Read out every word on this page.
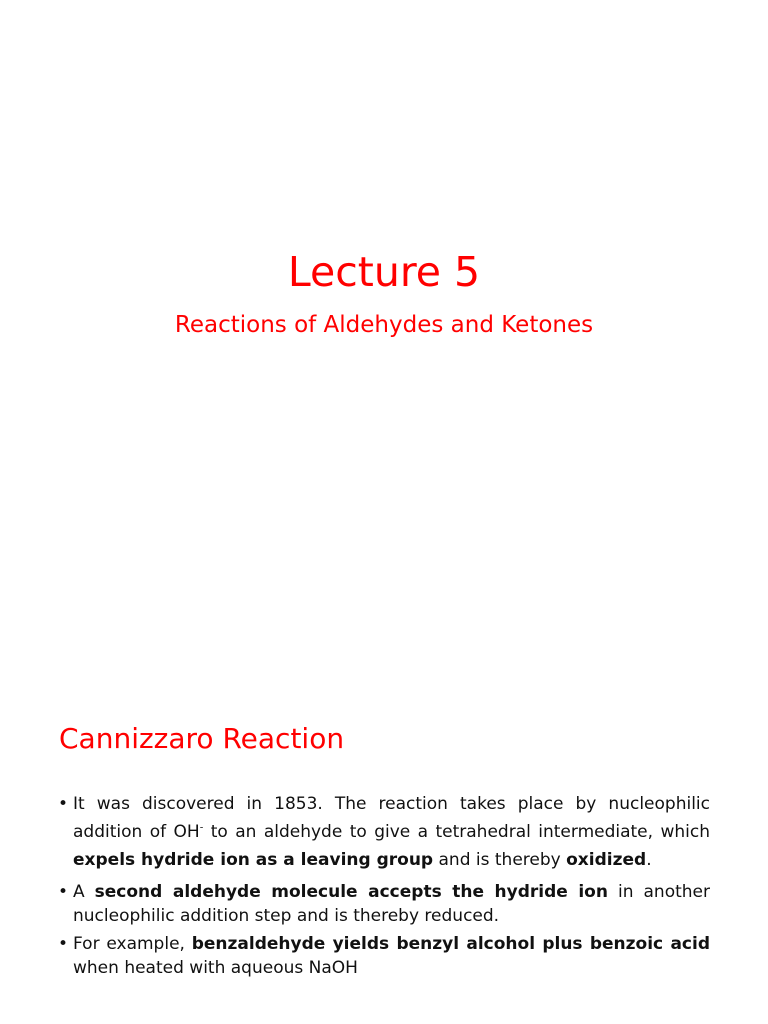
Lecture 5
Reactions of Aldehydes and Ketones
Cannizzaro Reaction
• It was discovered in 1853. The reaction takes place by nucleophilic addition of OH- to an aldehyde to give a tetrahedral intermediate, which expels hydride ion as a leaving group and is thereby oxidized.
• A second aldehyde molecule accepts the hydride ion in another nucleophilic addition step and is thereby reduced.
• For example, benzaldehyde yields benzyl alcohol plus benzoic acid when heated with aqueous NaOH
